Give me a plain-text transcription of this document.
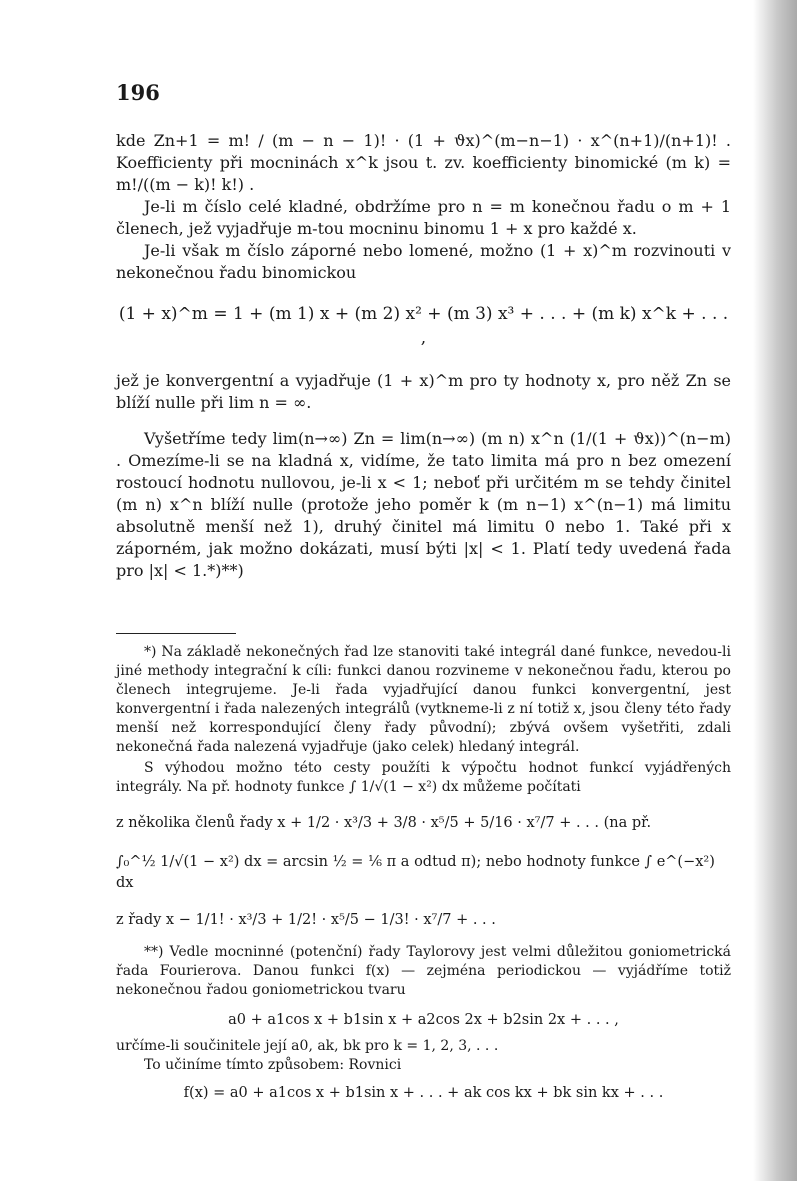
196

kde Zn+1 = m! / (m − n − 1)! · (1 + ϑx)^(m−n−1) · x^(n+1)/(n+1)! . Koefficienty při mocninách x^k jsou t. zv. koefficienty binomické (m k) = m!/((m − k)! k!) .

Je-li m číslo celé kladné, obdržíme pro n = m konečnou řadu o m + 1 členech, jež vyjadřuje m-tou mocninu binomu 1 + x pro každé x.

Je-li však m číslo záporné nebo lomené, možno (1 + x)^m rozvinouti v nekonečnou řadu binomickou

(1 + x)^m = 1 + (m 1) x + (m 2) x² + (m 3) x³ + . . . + (m k) x^k + . . . ,

jež je konvergentní a vyjadřuje (1 + x)^m pro ty hodnoty x, pro něž Zn se blíží nulle při lim n = ∞.

Vyšetříme tedy lim(n→∞) Zn = lim(n→∞) (m n) x^n (1/(1 + ϑx))^(n−m) . Omezíme-li se na kladná x, vidíme, že tato limita má pro n bez omezení rostoucí hodnotu nullovou, je-li x < 1; neboť při určitém m se tehdy činitel (m n) x^n blíží nulle (protože jeho poměr k (m n−1) x^(n−1) má limitu absolutně menší než 1), druhý činitel má limitu 0 nebo 1. Také při x záporném, jak možno dokázati, musí býti |x| < 1. Platí tedy uvedená řada pro |x| < 1.*)**)

*) Na základě nekonečných řad lze stanoviti také integrál dané funkce, nevedou-li jiné methody integrační k cíli: funkci danou rozvineme v nekonečnou řadu, kterou po členech integrujeme. Je-li řada vyjadřující danou funkci konvergentní, jest konvergentní i řada nalezených integrálů (vytkneme-li z ní totiž x, jsou členy této řady menší než korrespondující členy řady původní); zbývá ovšem vyšetřiti, zdali nekonečná řada nalezená vyjadřuje (jako celek) hledaný integrál.

S výhodou možno této cesty použíti k výpočtu hodnot funkcí vyjádřených integrály. Na př. hodnoty funkce ∫ 1/√(1 − x²) dx můžeme počítati

z několika členů řady x + 1/2 · x³/3 + 3/8 · x⁵/5 + 5/16 · x⁷/7 + . . . (na př.

∫₀^½ 1/√(1 − x²) dx = arcsin ½ = ⅙ π a odtud π); nebo hodnoty funkce ∫ e^(−x²) dx

z řady x − 1/1! · x³/3 + 1/2! · x⁵/5 − 1/3! · x⁷/7 + . . .

**) Vedle mocninné (potenční) řady Taylorovy jest velmi důležitou goniometrická řada Fourierova. Danou funkci f(x) — zejména periodickou — vyjádříme totiž nekonečnou řadou goniometrickou tvaru

a0 + a1cos x + b1sin x + a2cos 2x + b2sin 2x + . . . ,

určíme-li součinitele její a0, ak, bk pro k = 1, 2, 3, . . .

To učiníme tímto způsobem: Rovnici

f(x) = a0 + a1cos x + b1sin x + . . . + ak cos kx + bk sin kx + . . .
